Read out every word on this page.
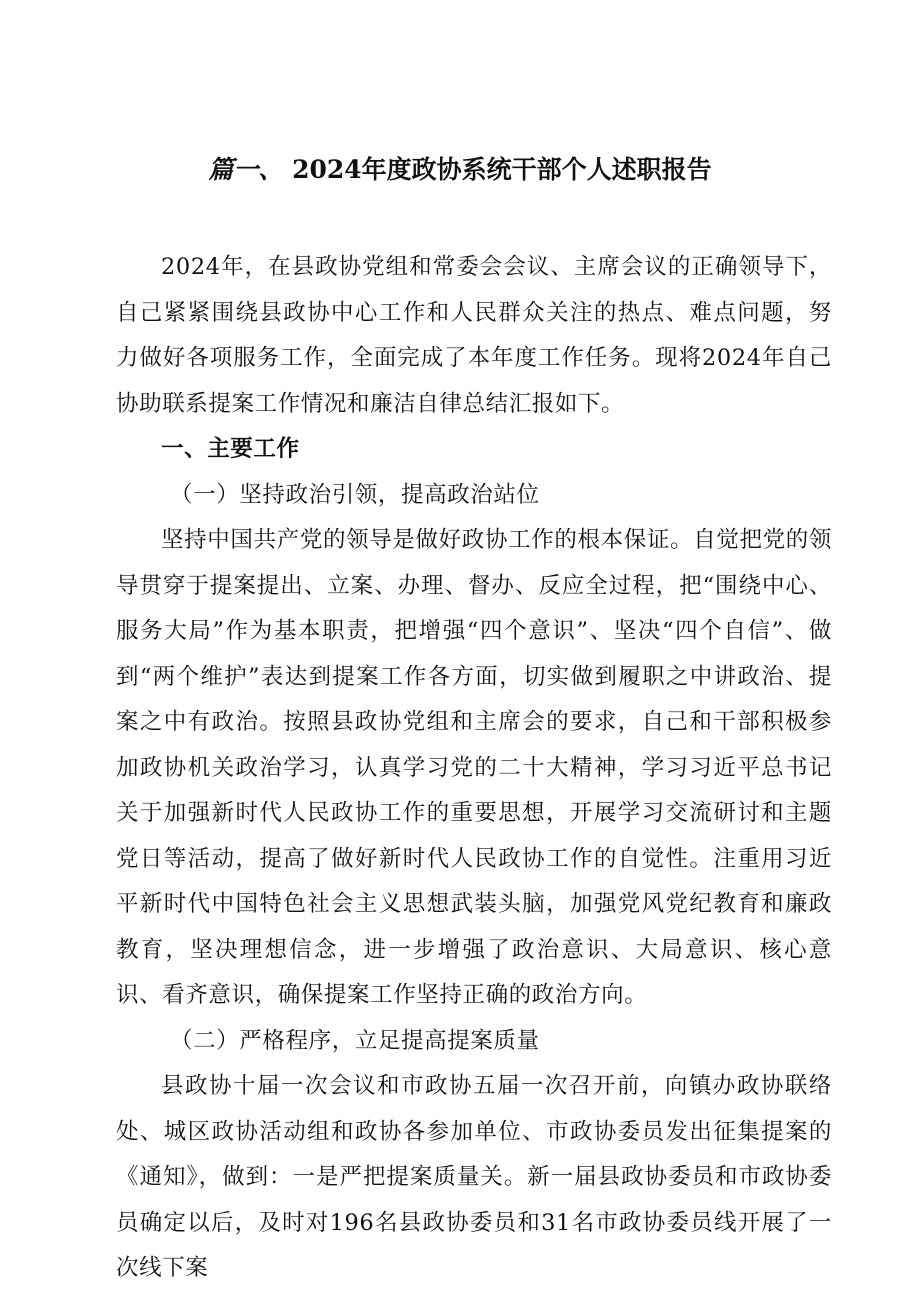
篇一、 2024年度政协系统干部个人述职报告

2024年，在县政协党组和常委会会议、主席会议的正确领导下，自己紧紧围绕县政协中心工作和人民群众关注的热点、难点问题，努力做好各项服务工作，全面完成了本年度工作任务。现将2024年自己协助联系提案工作情况和廉洁自律总结汇报如下。

一、主要工作

（一）坚持政治引领，提高政治站位

坚持中国共产党的领导是做好政协工作的根本保证。自觉把党的领导贯穿于提案提出、立案、办理、督办、反应全过程，把“围绕中心、服务大局”作为基本职责，把增强“四个意识”、坚决“四个自信”、做到“两个维护”表达到提案工作各方面，切实做到履职之中讲政治、提案之中有政治。按照县政协党组和主席会的要求，自己和干部积极参加政协机关政治学习，认真学习党的二十大精神，学习习近平总书记关于加强新时代人民政协工作的重要思想，开展学习交流研讨和主题党日等活动，提高了做好新时代人民政协工作的自觉性。注重用习近平新时代中国特色社会主义思想武装头脑，加强党风党纪教育和廉政教育，坚决理想信念，进一步增强了政治意识、大局意识、核心意识、看齐意识，确保提案工作坚持正确的政治方向。

（二）严格程序，立足提高提案质量

县政协十届一次会议和市政协五届一次召开前，向镇办政协联络处、城区政协活动组和政协各参加单位、市政协委员发出征集提案的《通知》，做到：一是严把提案质量关。新一届县政协委员和市政协委员确定以后，及时对196名县政协委员和31名市政协委员线开展了一次线下案
